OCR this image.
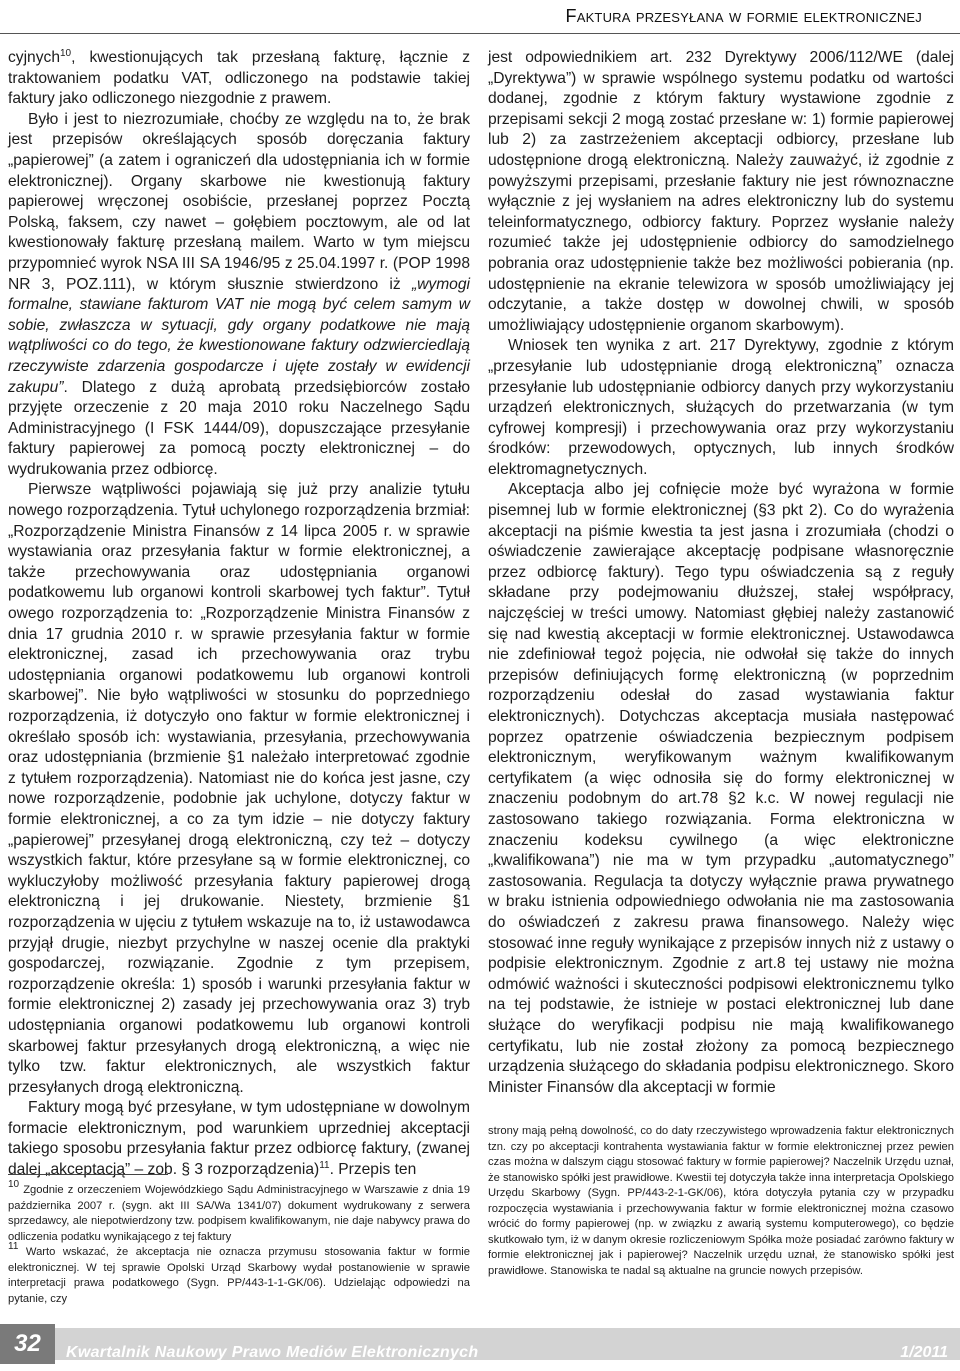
Faktura przesyłana w formie elektronicznej

cyjnych$^{10}$, kwestionujących tak przesłaną fakturę, łącznie z traktowaniem podatku VAT, odliczonego na podstawie takiej faktury jako odliczonego niezgodnie z prawem.

Było i jest to niezrozumiałe, choćby ze względu na to, że brak jest przepisów określających sposób doręczania faktury „papierowej” (a zatem i ograniczeń dla udostępniania ich w formie elektronicznej). Organy skarbowe nie kwestionują faktury papierowej wręczonej osobiście, przesłanej poprzez Pocztą Polską, faksem, czy nawet – gołębiem pocztowym, ale od lat kwestionowały fakturę przesłaną mailem. Warto w tym miejscu przypomnieć wyrok NSA III SA 1946/95 z 25.04.1997 r. (POP 1998 NR 3, POZ.111), w którym słusznie stwierdzono iż „wymogi formalne, stawiane fakturom VAT nie mogą być celem samym w sobie, zwłaszcza w sytuacji, gdy organy podatkowe nie mają wątpliwości co do tego, że kwestionowane faktury odzwierciedlają rzeczywiste zdarzenia gospodarcze i ujęte zostały w ewidencji zakupu”. Dlatego z dużą aprobatą przedsiębiorców zostało przyjęte orzeczenie z 20 maja 2010 roku Naczelnego Sądu Administracyjnego (I FSK 1444/09), dopuszczające przesyłanie faktury papierowej za pomocą poczty elektronicznej – do wydrukowania przez odbiorcę.

Pierwsze wątpliwości pojawiają się już przy analizie tytułu nowego rozporządzenia. Tytuł uchylonego rozporządzenia brzmiał: „Rozporządzenie Ministra Finansów z 14 lipca 2005 r. w sprawie wystawiania oraz przesyłania faktur w formie elektronicznej, a także przechowywania oraz udostępniania organowi podatkowemu lub organowi kontroli skarbowej tych faktur”. Tytuł owego rozporządzenia to: „Rozporządzenie Ministra Finansów z dnia 17 grudnia 2010 r. w sprawie przesyłania faktur w formie elektronicznej, zasad ich przechowywania oraz trybu udostępniania organowi podatkowemu lub organowi kontroli skarbowej”. Nie było wątpliwości w stosunku do poprzedniego rozporządzenia, iż dotyczyło ono faktur w formie elektronicznej i określało sposób ich: wystawiania, przesyłania, przechowywania oraz udostępniania (brzmienie §1 należało interpretować zgodnie z tytułem rozporządzenia). Natomiast nie do końca jest jasne, czy nowe rozporządzenie, podobnie jak uchylone, dotyczy faktur w formie elektronicznej, a co za tym idzie – nie dotyczy faktury „papierowej” przesyłanej drogą elektroniczną, czy też – dotyczy wszystkich faktur, które przesyłane są w formie elektronicznej, co wykluczyłoby możliwość przesyłania faktury papierowej drogą elektroniczną i jej drukowanie. Niestety, brzmienie §1 rozporządzenia w ujęciu z tytułem wskazuje na to, iż ustawodawca przyjął drugie, niezbyt przychylne w naszej ocenie dla praktyki gospodarczej, rozwiązanie. Zgodnie z tym przepisem, rozporządzenie określa: 1) sposób i warunki przesyłania faktur w formie elektronicznej 2) zasady jej przechowywania oraz 3) tryb udostępniania organowi podatkowemu lub organowi kontroli skarbowej faktur przesyłanych drogą elektroniczną, a więc nie tylko tzw. faktur elektronicznych, ale wszystkich faktur przesyłanych drogą elektroniczną.

Faktury mogą być przesyłane, w tym udostępniane w dowolnym formacie elektronicznym, pod warunkiem uprzedniej akceptacji takiego sposobu przesyłania faktur przez odbiorcę faktury, (zwanej dalej „akceptacją” – zob. § 3 rozporządzenia)$^{11}$. Przepis ten

jest odpowiednikiem art. 232 Dyrektywy 2006/112/WE (dalej „Dyrektywa”) w sprawie wspólnego systemu podatku od wartości dodanej, zgodnie z którym faktury wystawione zgodnie z przepisami sekcji 2 mogą zostać przesłane w: 1) formie papierowej lub 2) za zastrzeżeniem akceptacji odbiorcy, przesłane lub udostępnione drogą elektroniczną. Należy zauważyć, iż zgodnie z powyższymi przepisami, przesłanie faktury nie jest równoznaczne wyłącznie z jej wysłaniem na adres elektroniczny lub do systemu teleinformatycznego, odbiorcy faktury. Poprzez wysłanie należy rozumieć także jej udostępnienie odbiorcy do samodzielnego pobrania oraz udostępnienie także bez możliwości pobierania (np. udostępnienie na ekranie telewizora w sposób umożliwiający jej odczytanie, a także dostęp w dowolnej chwili, w sposób umożliwiający udostępnienie organom skarbowym).

Wniosek ten wynika z art. 217 Dyrektywy, zgodnie z którym „przesyłanie lub udostępnianie drogą elektroniczną” oznacza przesyłanie lub udostępnianie odbiorcy danych przy wykorzystaniu urządzeń elektronicznych, służących do przetwarzania (w tym cyfrowej kompresji) i przechowywania oraz przy wykorzystaniu środków: przewodowych, optycznych, lub innych środków elektromagnetycznych.

Akceptacja albo jej cofnięcie może być wyrażona w formie pisemnej lub w formie elektronicznej (§3 pkt 2). Co do wyrażenia akceptacji na piśmie kwestia ta jest jasna i zrozumiała (chodzi o oświadczenie zawierające akceptację podpisane własnoręcznie przez odbiorcę faktury). Tego typu oświadczenia są z reguły składane przy podejmowaniu dłuższej, stałej współpracy, najczęściej w treści umowy. Natomiast głębiej należy zastanowić się nad kwestią akceptacji w formie elektronicznej. Ustawodawca nie zdefiniował tegoż pojęcia, nie odwołał się także do innych przepisów definiujących formę elektroniczną (w poprzednim rozporządzeniu odesłał do zasad wystawiania faktur elektronicznych). Dotychczas akceptacja musiała następować poprzez opatrzenie oświadczenia bezpiecznym podpisem elektronicznym, weryfikowanym ważnym kwalifikowanym certyfikatem (a więc odnosiła się do formy elektronicznej w znaczeniu podobnym do art.78 §2 k.c. W nowej regulacji nie zastosowano takiego rozwiązania. Forma elektroniczna w znaczeniu kodeksu cywilnego (a więc elektroniczne „kwalifikowana”) nie ma w tym przypadku „automatycznego” zastosowania. Regulacja ta dotyczy wyłącznie prawa prywatnego w braku istnienia odpowiedniego odwołania nie ma zastosowania do oświadczeń z zakresu prawa finansowego. Należy więc stosować inne reguły wynikające z przepisów innych niż z ustawy o podpisie elektronicznym. Zgodnie z art.8 tej ustawy nie można odmówić ważności i skuteczności podpisowi elektronicznemu tylko na tej podstawie, że istnieje w postaci elektronicznej lub dane służące do weryfikacji podpisu nie mają kwalifikowanego certyfikatu, lub nie został złożony za pomocą bezpiecznego urządzenia służącego do składania podpisu elektronicznego. Skoro Minister Finansów dla akceptacji w formie

$^{10}$ Zgodnie z orzeczeniem Wojewódzkiego Sądu Administracyjnego w Warszawie z dnia 19 października 2007 r. (sygn. akt III SA/Wa 1341/07) dokument wydrukowany z serwera sprzedawcy, ale niepotwierdzony tzw. podpisem kwalifikowanym, nie daje nabywcy prawa do odliczenia podatku wynikającego z tej faktury

$^{11}$ Warto wskazać, że akceptacja nie oznacza przymusu stosowania faktur w formie elektronicznej. W tej sprawie Opolski Urząd Skarbowy wydał postanowienie w sprawie interpretacji prawa podatkowego (Sygn. PP/443-1-1-GK/06). Udzielając odpowiedzi na pytanie, czy

strony mają pełną dowolność, co do daty rzeczywistego wprowadzenia faktur elektronicznych tzn. czy po akceptacji kontrahenta wystawiania faktur w formie elektronicznej przez pewien czas można w dalszym ciągu stosować faktury w formie papierowej? Naczelnik Urzędu uznał, że stanowisko spółki jest prawidłowe. Kwestii tej dotyczyła także inna interpretacja Opolskiego Urzędu Skarbowy (Sygn. PP/443-2-1-GK/06), która dotyczyła pytania czy w przypadku rozpoczęcia wystawiania i przechowywania faktur w formie elektronicznej można czasowo wrócić do formy papierowej (np. w związku z awarią systemu komputerowego), co będzie skutkowało tym, iż w danym okresie rozliczeniowym Spółka może posiadać zarówno faktury w formie elektronicznej jak i papierowej? Naczelnik urzędu uznał, że stanowisko spółki jest prawidłowe. Stanowiska te nadal są aktualne na gruncie nowych przepisów.

Kwartalnik Naukowy Prawo Mediów Elektronicznych	1/2011
32
